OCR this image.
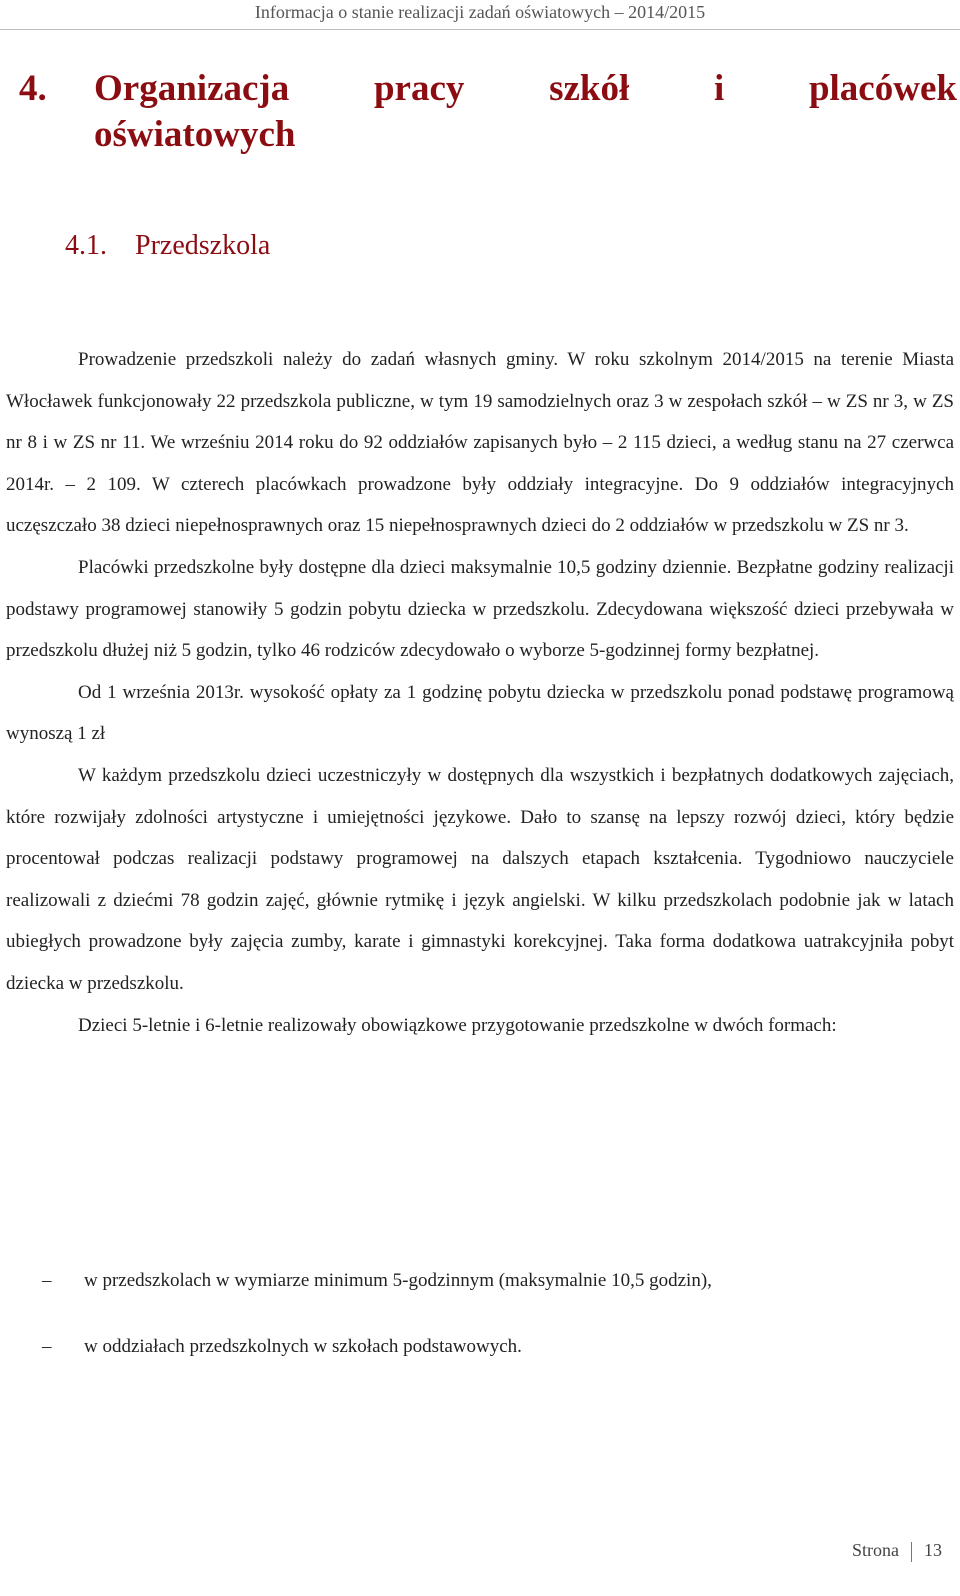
Informacja o stanie realizacji zadań oświatowych – 2014/2015
4. Organizacja pracy szkół i placówek
oświatowych
4.1. Przedszkola

Prowadzenie przedszkoli należy do zadań własnych gminy. W roku szkolnym 2014/2015 na terenie Miasta Włocławek funkcjonowały 22 przedszkola publiczne, w tym 19 samodzielnych oraz 3 w zespołach szkół – w ZS nr 3, w ZS nr 8 i w ZS nr 11. We wrześniu 2014 roku do 92 oddziałów zapisanych było – 2 115 dzieci, a według stanu na 27 czerwca 2014r. – 2 109. W czterech placówkach prowadzone były oddziały integracyjne. Do 9 oddziałów integracyjnych uczęszczało 38 dzieci niepełnosprawnych oraz 15 niepełnosprawnych dzieci do 2 oddziałów w przedszkolu w ZS nr 3.

Placówki przedszkolne były dostępne dla dzieci maksymalnie 10,5 godziny dziennie. Bezpłatne godziny realizacji podstawy programowej stanowiły 5 godzin pobytu dziecka w przedszkolu. Zdecydowana większość dzieci przebywała w przedszkolu dłużej niż 5 godzin, tylko 46 rodziców zdecydowało o wyborze 5-godzinnej formy bezpłatnej.

Od 1 września 2013r. wysokość opłaty za 1 godzinę pobytu dziecka w przedszkolu ponad podstawę programową wynoszą 1 zł

W każdym przedszkolu dzieci uczestniczyły w dostępnych dla wszystkich i bezpłatnych dodatkowych zajęciach, które rozwijały zdolności artystyczne i umiejętności językowe. Dało to szansę na lepszy rozwój dzieci, który będzie procentował podczas realizacji podstawy programowej na dalszych etapach kształcenia. Tygodniowo nauczyciele realizowali z dziećmi 78 godzin zajęć, głównie rytmikę i język angielski. W kilku przedszkolach podobnie jak w latach ubiegłych prowadzone były zajęcia zumby, karate i gimnastyki korekcyjnej. Taka forma dodatkowa uatrakcyjniła pobyt dziecka w przedszkolu.

Dzieci 5-letnie i 6-letnie realizowały obowiązkowe przygotowanie przedszkolne w dwóch formach:

– w przedszkolach w wymiarze minimum 5-godzinnym (maksymalnie 10,5 godzin),
– w oddziałach przedszkolnych w szkołach podstawowych.
Strona 13
